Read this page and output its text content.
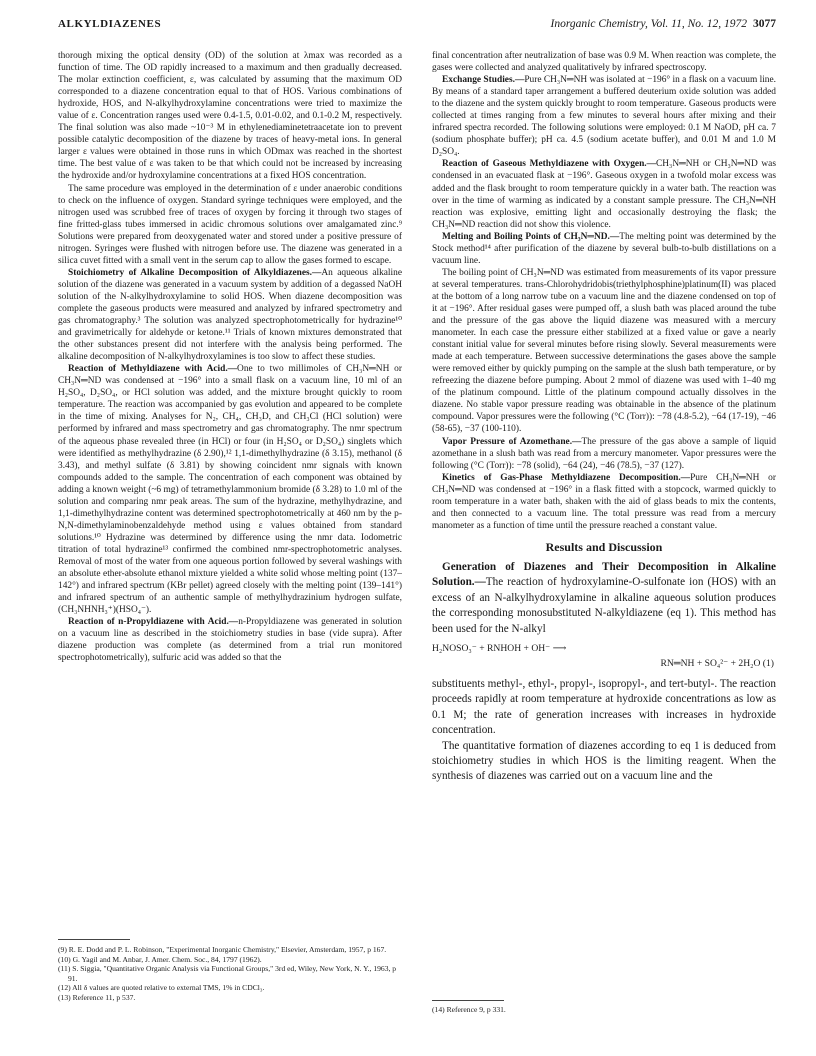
ALKYLDIAZENES	Inorganic Chemistry, Vol. 11, No. 12, 1972 3077

thorough mixing the optical density (OD) of the solution at λmax was recorded as a function of time. The OD rapidly increased to a maximum and then gradually decreased. The molar extinction coefficient, ε, was calculated by assuming that the maximum OD corresponded to a diazene concentration equal to that of HOS. Various combinations of hydroxide, HOS, and N-alkylhydroxylamine concentrations were tried to maximize the value of ε. Concentration ranges used were 0.4-1.5, 0.01-0.02, and 0.1-0.2 M, respectively. The final solution was also made ~10⁻³ M in ethylenediaminetetraacetate ion to prevent possible catalytic decomposition of the diazene by traces of heavy-metal ions. In general larger ε values were obtained in those runs in which ODmax was reached in the shortest time. The best value of ε was taken to be that which could not be increased by increasing the hydroxide and/or hydroxylamine concentrations at a fixed HOS concentration.

The same procedure was employed in the determination of ε under anaerobic conditions to check on the influence of oxygen. Standard syringe techniques were employed, and the nitrogen used was scrubbed free of traces of oxygen by forcing it through two stages of fine fritted-glass tubes immersed in acidic chromous solutions over amalgamated zinc.⁹ Solutions were prepared from deoxygenated water and stored under a positive pressure of nitrogen. Syringes were flushed with nitrogen before use. The diazene was generated in a silica cuvet fitted with a small vent in the serum cap to allow the gases formed to escape.

Stoichiometry of Alkaline Decomposition of Alkyldiazenes.—An aqueous alkaline solution of the diazene was generated in a vacuum system by addition of a degassed NaOH solution of the N-alkylhydroxylamine to solid HOS. When diazene decomposition was complete the gaseous products were measured and analyzed by infrared spectrometry and gas chromatography.³ The solution was analyzed spectrophotometrically for hydrazine¹⁰ and gravimetrically for aldehyde or ketone.¹¹ Trials of known mixtures demonstrated that the other substances present did not interfere with the analysis being performed. The alkaline decomposition of N-alkylhydroxylamines is too slow to affect these studies.

Reaction of Methyldiazene with Acid.—One to two millimoles of CH₃N═NH or CH₃N═ND was condensed at −196° into a small flask on a vacuum line, 10 ml of an H₂SO₄, D₂SO₄, or HCl solution was added, and the mixture brought quickly to room temperature. The reaction was accompanied by gas evolution and appeared to be complete in the time of mixing. Analyses for N₂, CH₄, CH₃D, and CH₃Cl (HCl solution) were performed by infrared and mass spectrometry and gas chromatography. The nmr spectrum of the aqueous phase revealed three (in HCl) or four (in H₂SO₄ or D₂SO₄) singlets which were identified as methylhydrazine (δ 2.90),¹² 1,1-dimethylhydrazine (δ 3.15), methanol (δ 3.43), and methyl sulfate (δ 3.81) by showing coincident nmr signals with known compounds added to the sample. The concentration of each component was obtained by adding a known weight (~6 mg) of tetramethylammonium bromide (δ 3.28) to 1.0 ml of the solution and comparing nmr peak areas. The sum of the hydrazine, methylhydrazine, and 1,1-dimethylhydrazine content was determined spectrophotometrically at 460 nm by the p-N,N-dimethylaminobenzaldehyde method using ε values obtained from standard solutions.¹⁰ Hydrazine was determined by difference using the nmr data. Iodometric titration of total hydrazine¹³ confirmed the combined nmr-spectrophotometric analyses. Removal of most of the water from one aqueous portion followed by several washings with an absolute ether-absolute ethanol mixture yielded a white solid whose melting point (137–142°) and infrared spectrum (KBr pellet) agreed closely with the melting point (139–141°) and infrared spectrum of an authentic sample of methylhydrazinium hydrogen sulfate, (CH₃NHNH₃⁺)(HSO₄⁻).

Reaction of n-Propyldiazene with Acid.—n-Propyldiazene was generated in solution on a vacuum line as described in the stoichiometry studies in base (vide supra). After diazene production was complete (as determined from a trial run monitored spectrophotometrically), sulfuric acid was added so that the

(9) R. E. Dodd and P. L. Robinson, "Experimental Inorganic Chemistry," Elsevier, Amsterdam, 1957, p 167.
(10) G. Yagil and M. Anbar, J. Amer. Chem. Soc., 84, 1797 (1962).
(11) S. Siggia, "Quantitative Organic Analysis via Functional Groups," 3rd ed, Wiley, New York, N. Y., 1963, p 91.
(12) All δ values are quoted relative to external TMS, 1% in CDCl₃.
(13) Reference 11, p 537.

final concentration after neutralization of base was 0.9 M. When reaction was complete, the gases were collected and analyzed qualitatively by infrared spectroscopy.

Exchange Studies.—Pure CH₃N═NH was isolated at −196° in a flask on a vacuum line. By means of a standard taper arrangement a buffered deuterium oxide solution was added to the diazene and the system quickly brought to room temperature. Gaseous products were collected at times ranging from a few minutes to several hours after mixing and their infrared spectra recorded. The following solutions were employed: 0.1 M NaOD, pH ca. 7 (sodium phosphate buffer); pH ca. 4.5 (sodium acetate buffer), and 0.01 M and 1.0 M D₂SO₄.

Reaction of Gaseous Methyldiazene with Oxygen.—CH₃N═NH or CH₃N═ND was condensed in an evacuated flask at −196°. Gaseous oxygen in a twofold molar excess was added and the flask brought to room temperature quickly in a water bath. The reaction was over in the time of warming as indicated by a constant sample pressure. The CH₃N═NH reaction was explosive, emitting light and occasionally destroying the flask; the CH₃N═ND reaction did not show this violence.

Melting and Boiling Points of CH₃N═ND.—The melting point was determined by the Stock method¹⁴ after purification of the diazene by several bulb-to-bulb distillations on a vacuum line.

The boiling point of CH₃N═ND was estimated from measurements of its vapor pressure at several temperatures. trans-Chlorohydridobis(triethylphosphine)platinum(II) was placed at the bottom of a long narrow tube on a vacuum line and the diazene condensed on top of it at −196°. After residual gases were pumped off, a slush bath was placed around the tube and the pressure of the gas above the liquid diazene was measured with a mercury manometer. In each case the pressure either stabilized at a fixed value or gave a nearly constant initial value for several minutes before rising slowly. Several measurements were made at each temperature. Between successive determinations the gases above the sample were removed either by quickly pumping on the sample at the slush bath temperature, or by refreezing the diazene before pumping. About 2 mmol of diazene was used with 1–40 mg of the platinum compound. Little of the platinum compound actually dissolves in the diazene. No stable vapor pressure reading was obtainable in the absence of the platinum compound. Vapor pressures were the following (°C (Torr)): −78 (4.8-5.2), −64 (17-19), −46 (58-65), −37 (100-110).

Vapor Pressure of Azomethane.—The pressure of the gas above a sample of liquid azomethane in a slush bath was read from a mercury manometer. Vapor pressures were the following (°C (Torr)): −78 (solid), −64 (24), −46 (78.5), −37 (127).

Kinetics of Gas-Phase Methyldiazene Decomposition.—Pure CH₃N═NH or CH₃N═ND was condensed at −196° in a flask fitted with a stopcock, warmed quickly to room temperature in a water bath, shaken with the aid of glass beads to mix the contents, and then connected to a vacuum line. The total pressure was read from a mercury manometer as a function of time until the pressure reached a constant value.

Results and Discussion

Generation of Diazenes and Their Decomposition in Alkaline Solution.—The reaction of hydroxylamine-O-sulfonate ion (HOS) with an excess of an N-alkylhydroxylamine in alkaline aqueous solution produces the corresponding monosubstituted N-alkyldiazene (eq 1). This method has been used for the N-alkyl

H₂NOSO₃⁻ + RNHOH + OH⁻ ⟶
RN═NH + SO₄²⁻ + 2H₂O (1)

substituents methyl-, ethyl-, propyl-, isopropyl-, and tert-butyl-. The reaction proceeds rapidly at room temperature at hydroxide concentrations as low as 0.1 M; the rate of generation increases with increases in hydroxide concentration.

The quantitative formation of diazenes according to eq 1 is deduced from stoichiometry studies in which HOS is the limiting reagent. When the synthesis of diazenes was carried out on a vacuum line and the

(14) Reference 9, p 331.
